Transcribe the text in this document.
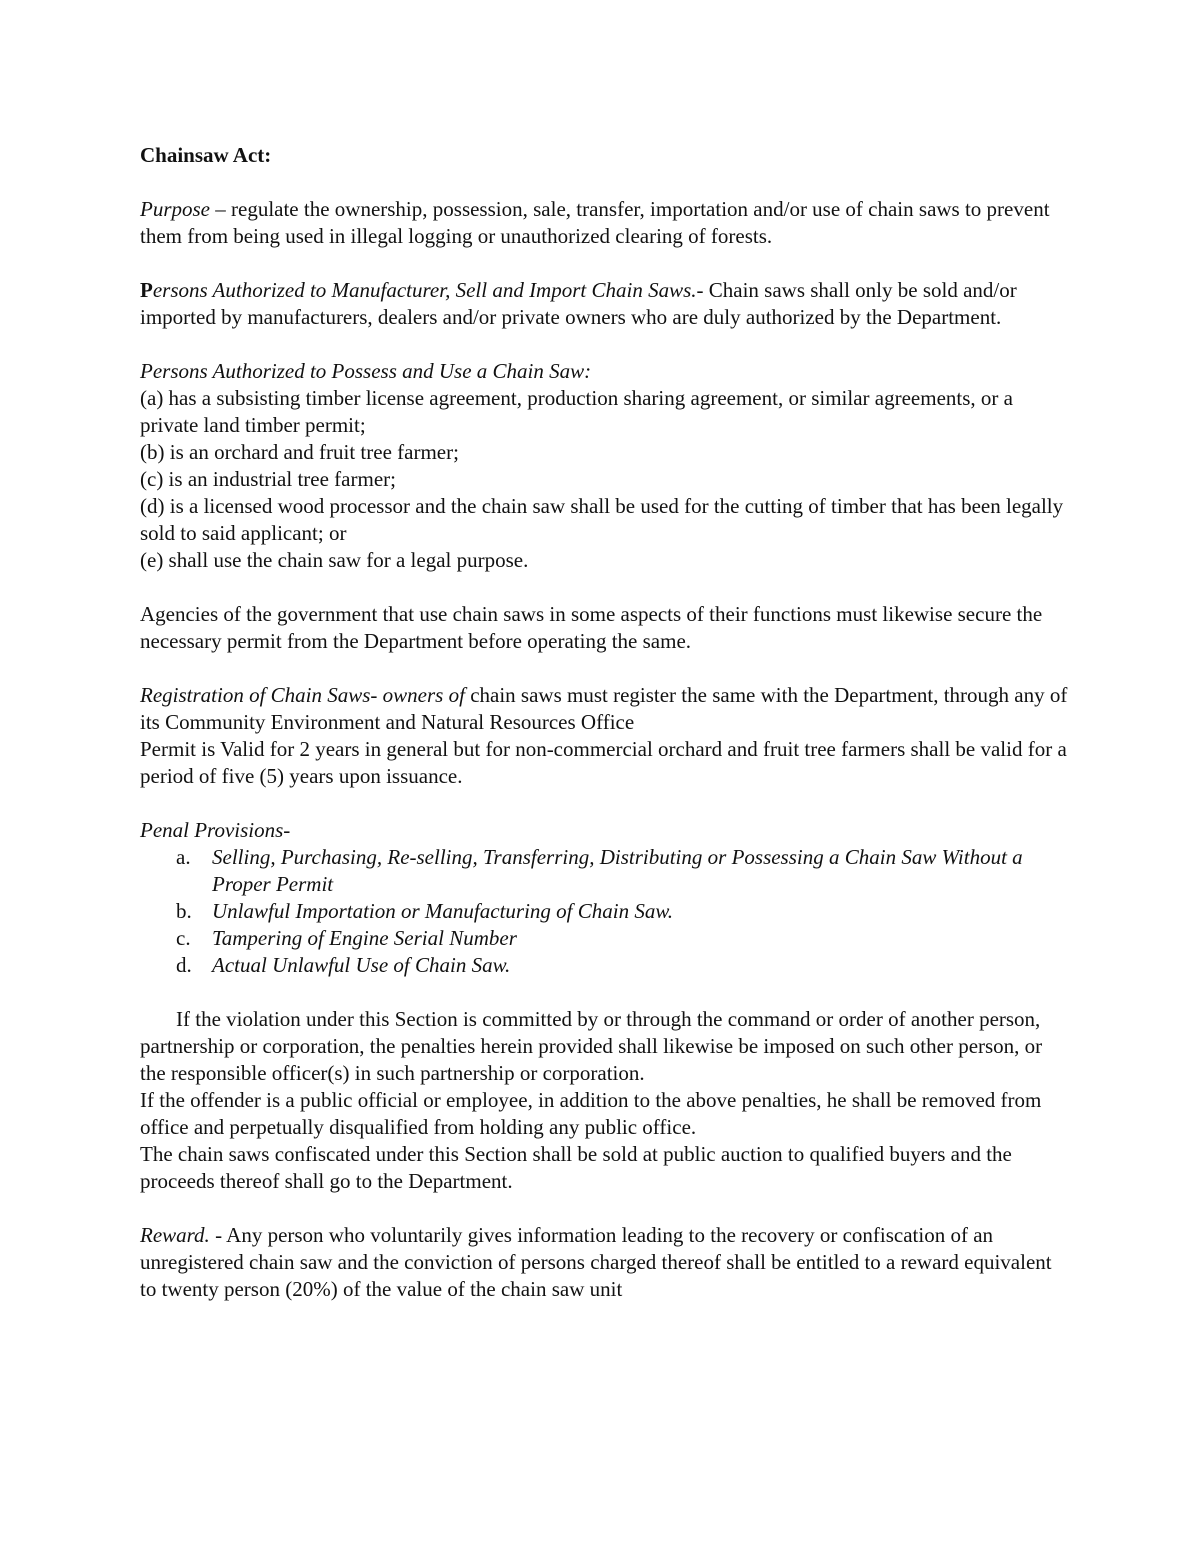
Chainsaw Act:

Purpose – regulate the ownership, possession, sale, transfer, importation and/or use of chain saws to prevent them from being used in illegal logging or unauthorized clearing of forests.

Persons Authorized to Manufacturer, Sell and Import Chain Saws.- Chain saws shall only be sold and/or imported by manufacturers, dealers and/or private owners who are duly authorized by the Department.

Persons Authorized to Possess and Use a Chain Saw:
(a) has a subsisting timber license agreement, production sharing agreement, or similar agreements, or a private land timber permit;
(b) is an orchard and fruit tree farmer;
(c) is an industrial tree farmer;
(d) is a licensed wood processor and the chain saw shall be used for the cutting of timber that has been legally sold to said applicant; or
(e) shall use the chain saw for a legal purpose.

Agencies of the government that use chain saws in some aspects of their functions must likewise secure the necessary permit from the Department before operating the same.

Registration of Chain Saws- owners of chain saws must register the same with the Department, through any of its Community Environment and Natural Resources Office
Permit is Valid for 2 years in general but for non-commercial orchard and fruit tree farmers shall be valid for a period of five (5) years upon issuance.

Penal Provisions-
a. Selling, Purchasing, Re-selling, Transferring, Distributing or Possessing a Chain Saw Without a Proper Permit
b. Unlawful Importation or Manufacturing of Chain Saw.
c. Tampering of Engine Serial Number
d. Actual Unlawful Use of Chain Saw.

If the violation under this Section is committed by or through the command or order of another person, partnership or corporation, the penalties herein provided shall likewise be imposed on such other person, or the responsible officer(s) in such partnership or corporation.
If the offender is a public official or employee, in addition to the above penalties, he shall be removed from office and perpetually disqualified from holding any public office.
The chain saws confiscated under this Section shall be sold at public auction to qualified buyers and the proceeds thereof shall go to the Department.

Reward. - Any person who voluntarily gives information leading to the recovery or confiscation of an unregistered chain saw and the conviction of persons charged thereof shall be entitled to a reward equivalent to twenty person (20%) of the value of the chain saw unit
